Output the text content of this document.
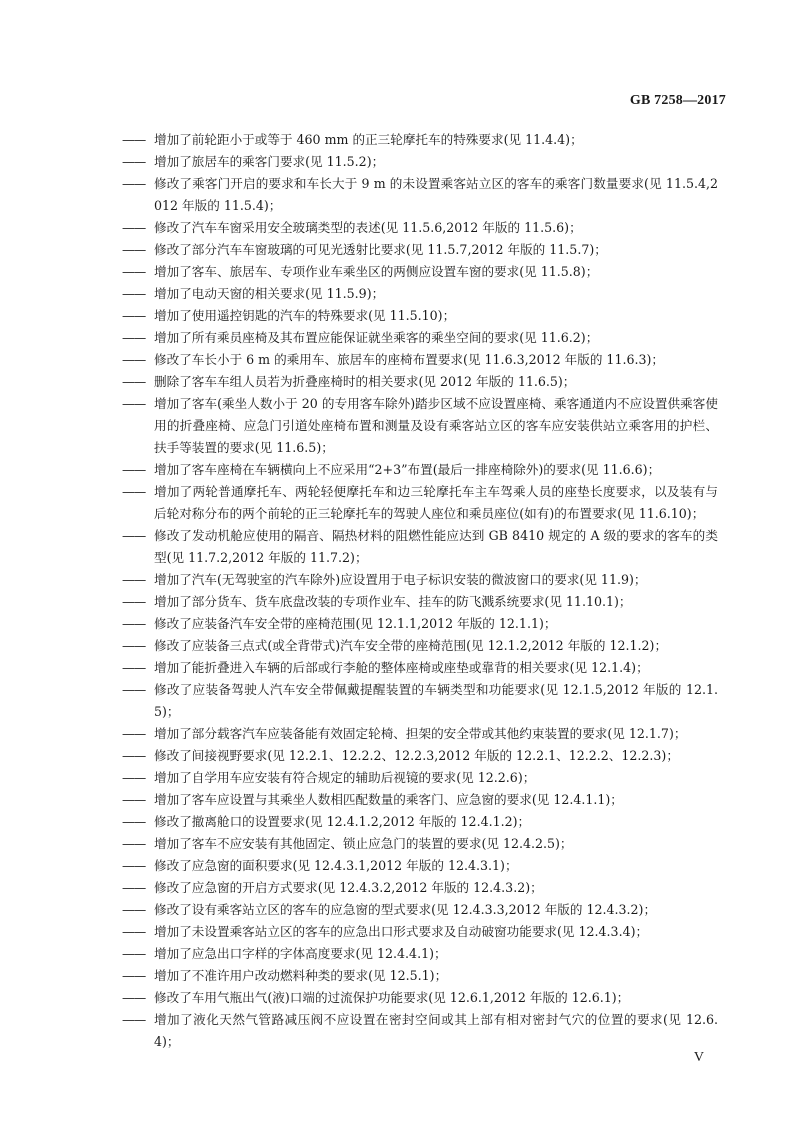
GB 7258—2017
—— 增加了前轮距小于或等于 460 mm 的正三轮摩托车的特殊要求(见 11.4.4)；
—— 增加了旅居车的乘客门要求(见 11.5.2)；
—— 修改了乘客门开启的要求和车长大于 9 m 的未设置乘客站立区的客车的乘客门数量要求(见 11.5.4,2012 年版的 11.5.4)；
—— 修改了汽车车窗采用安全玻璃类型的表述(见 11.5.6,2012 年版的 11.5.6)；
—— 修改了部分汽车车窗玻璃的可见光透射比要求(见 11.5.7,2012 年版的 11.5.7)；
—— 增加了客车、旅居车、专项作业车乘坐区的两侧应设置车窗的要求(见 11.5.8)；
—— 增加了电动天窗的相关要求(见 11.5.9)；
—— 增加了使用遥控钥匙的汽车的特殊要求(见 11.5.10)；
—— 增加了所有乘员座椅及其布置应能保证就坐乘客的乘坐空间的要求(见 11.6.2)；
—— 修改了车长小于 6 m 的乘用车、旅居车的座椅布置要求(见 11.6.3,2012 年版的 11.6.3)；
—— 删除了客车车组人员若为折叠座椅时的相关要求(见 2012 年版的 11.6.5)；
—— 增加了客车(乘坐人数小于 20 的专用客车除外)踏步区域不应设置座椅、乘客通道内不应设置供乘客使用的折叠座椅、应急门引道处座椅布置和测量及设有乘客站立区的客车应安装供站立乘客用的护栏、扶手等装置的要求(见 11.6.5)；
—— 增加了客车座椅在车辆横向上不应采用“2+3”布置(最后一排座椅除外)的要求(见 11.6.6)；
—— 增加了两轮普通摩托车、两轮轻便摩托车和边三轮摩托车主车驾乘人员的座垫长度要求，以及装有与后轮对称分布的两个前轮的正三轮摩托车的驾驶人座位和乘员座位(如有)的布置要求(见 11.6.10)；
—— 修改了发动机舱应使用的隔音、隔热材料的阻燃性能应达到 GB 8410 规定的 A 级的要求的客车的类型(见 11.7.2,2012 年版的 11.7.2)；
—— 增加了汽车(无驾驶室的汽车除外)应设置用于电子标识安装的微波窗口的要求(见 11.9)；
—— 增加了部分货车、货车底盘改装的专项作业车、挂车的防飞溅系统要求(见 11.10.1)；
—— 修改了应装备汽车安全带的座椅范围(见 12.1.1,2012 年版的 12.1.1)；
—— 修改了应装备三点式(或全背带式)汽车安全带的座椅范围(见 12.1.2,2012 年版的 12.1.2)；
—— 增加了能折叠进入车辆的后部或行李舱的整体座椅或座垫或靠背的相关要求(见 12.1.4)；
—— 修改了应装备驾驶人汽车安全带佩戴提醒装置的车辆类型和功能要求(见 12.1.5,2012 年版的 12.1.5)；
—— 增加了部分载客汽车应装备能有效固定轮椅、担架的安全带或其他约束装置的要求(见 12.1.7)；
—— 修改了间接视野要求(见 12.2.1、12.2.2、12.2.3,2012 年版的 12.2.1、12.2.2、12.2.3)；
—— 增加了自学用车应安装有符合规定的辅助后视镜的要求(见 12.2.6)；
—— 增加了客车应设置与其乘坐人数相匹配数量的乘客门、应急窗的要求(见 12.4.1.1)；
—— 修改了撤离舱口的设置要求(见 12.4.1.2,2012 年版的 12.4.1.2)；
—— 增加了客车不应安装有其他固定、锁止应急门的装置的要求(见 12.4.2.5)；
—— 修改了应急窗的面积要求(见 12.4.3.1,2012 年版的 12.4.3.1)；
—— 修改了应急窗的开启方式要求(见 12.4.3.2,2012 年版的 12.4.3.2)；
—— 修改了设有乘客站立区的客车的应急窗的型式要求(见 12.4.3.3,2012 年版的 12.4.3.2)；
—— 增加了未设置乘客站立区的客车的应急出口形式要求及自动破窗功能要求(见 12.4.3.4)；
—— 增加了应急出口字样的字体高度要求(见 12.4.4.1)；
—— 增加了不准许用户改动燃料种类的要求(见 12.5.1)；
—— 修改了车用气瓶出气(液)口端的过流保护功能要求(见 12.6.1,2012 年版的 12.6.1)；
—— 增加了液化天然气管路减压阀不应设置在密封空间或其上部有相对密封气穴的位置的要求(见 12.6.4)；
V
